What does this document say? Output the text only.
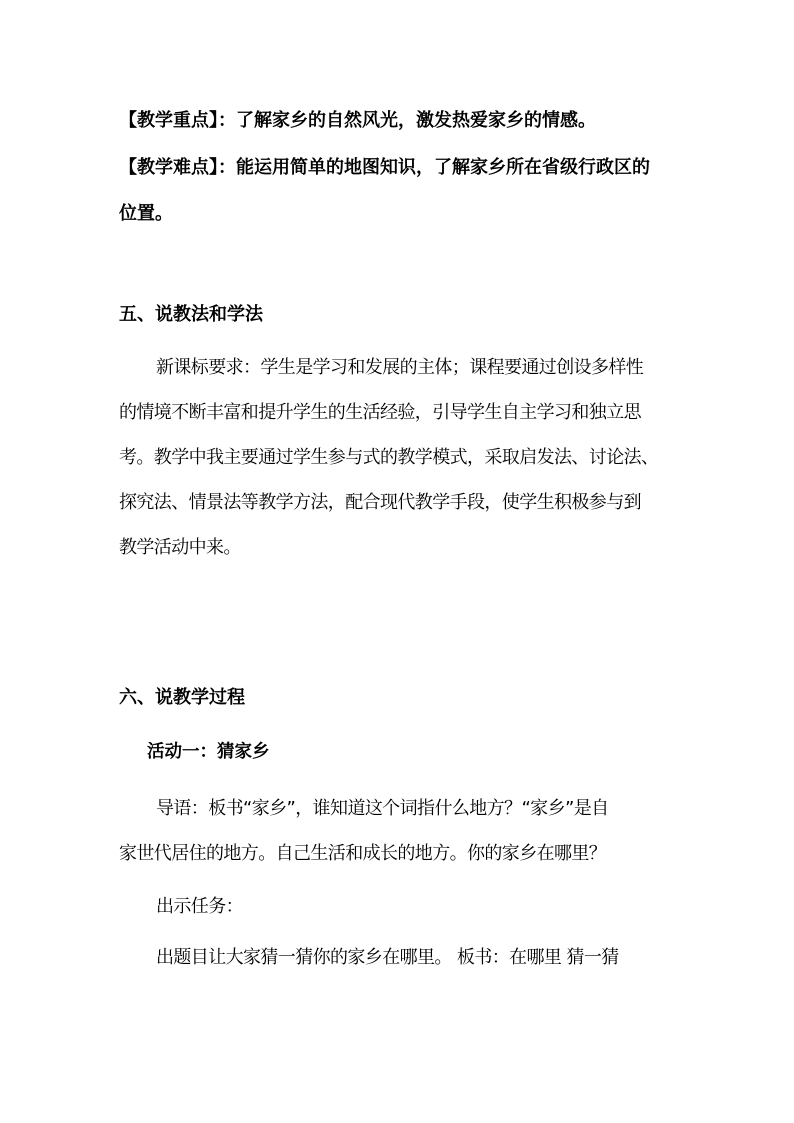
【教学重点】：了解家乡的自然风光，激发热爱家乡的情感。
【教学难点】：能运用简单的地图知识，了解家乡所在省级行政区的
位置。
五、说教法和学法
新课标要求：学生是学习和发展的主体；课程要通过创设多样性
的情境不断丰富和提升学生的生活经验，引导学生自主学习和独立思
考。教学中我主要通过学生参与式的教学模式，采取启发法、讨论法、
探究法、情景法等教学方法，配合现代教学手段，使学生积极参与到
教学活动中来。
六、说教学过程
活动一：猜家乡
导语：板书“家乡”，谁知道这个词指什么地方？“家乡”是自
家世代居住的地方。自己生活和成长的地方。你的家乡在哪里？
出示任务：
出题目让大家猜一猜你的家乡在哪里。 板书：在哪里 猜一猜
